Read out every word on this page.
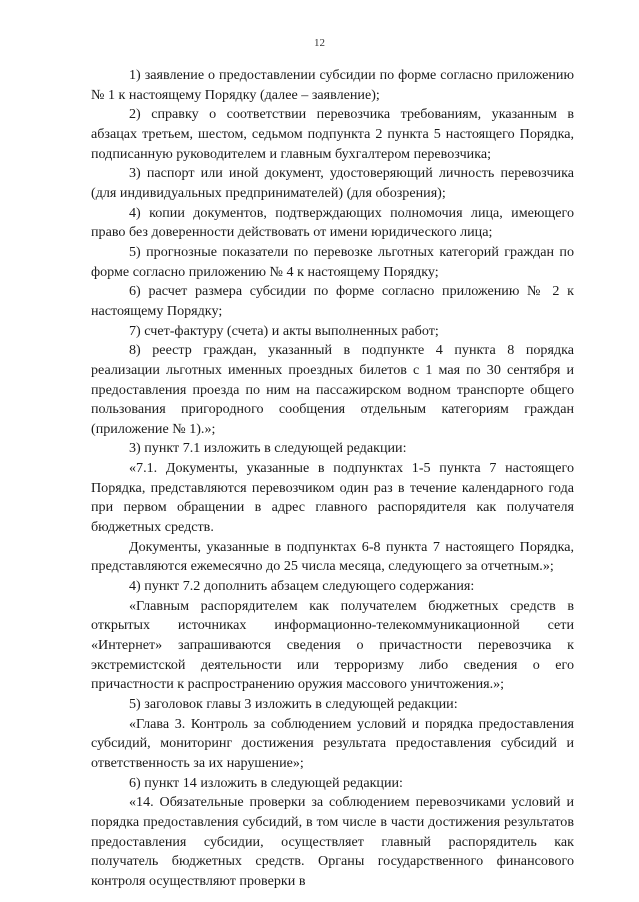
12

1) заявление о предоставлении субсидии по форме согласно приложению № 1 к настоящему Порядку (далее – заявление);

2) справку о соответствии перевозчика требованиям, указанным в абзацах третьем, шестом, седьмом подпункта 2 пункта 5 настоящего Порядка, подписанную руководителем и главным бухгалтером перевозчика;

3) паспорт или иной документ, удостоверяющий личность перевозчика (для индивидуальных предпринимателей) (для обозрения);

4) копии документов, подтверждающих полномочия лица, имеющего право без доверенности действовать от имени юридического лица;

5) прогнозные показатели по перевозке льготных категорий граждан по форме согласно приложению № 4 к настоящему Порядку;

6) расчет размера субсидии по форме согласно приложению № 2 к настоящему Порядку;

7) счет-фактуру (счета) и акты выполненных работ;

8) реестр граждан, указанный в подпункте 4 пункта 8 порядка реализации льготных именных проездных билетов с 1 мая по 30 сентября и предоставления проезда по ним на пассажирском водном транспорте общего пользования пригородного сообщения отдельным категориям граждан (приложение № 1).»;

3) пункт 7.1 изложить в следующей редакции:

«7.1. Документы, указанные в подпунктах 1-5 пункта 7 настоящего Порядка, представляются перевозчиком один раз в течение календарного года при первом обращении в адрес главного распорядителя как получателя бюджетных средств.

Документы, указанные в подпунктах 6-8 пункта 7 настоящего Порядка, представляются ежемесячно до 25 числа месяца, следующего за отчетным.»;

4) пункт 7.2 дополнить абзацем следующего содержания:

«Главным распорядителем как получателем бюджетных средств в открытых источниках информационно-телекоммуникационной сети «Интернет» запрашиваются сведения о причастности перевозчика к экстремистской деятельности или терроризму либо сведения о его причастности к распространению оружия массового уничтожения.»;

5) заголовок главы 3 изложить в следующей редакции:

«Глава 3. Контроль за соблюдением условий и порядка предоставления субсидий, мониторинг достижения результата предоставления субсидий и ответственность за их нарушение»;

6) пункт 14 изложить в следующей редакции:

«14. Обязательные проверки за соблюдением перевозчиками условий и порядка предоставления субсидий, в том числе в части достижения результатов предоставления субсидии, осуществляет главный распорядитель как получатель бюджетных средств. Органы государственного финансового контроля осуществляют проверки в
